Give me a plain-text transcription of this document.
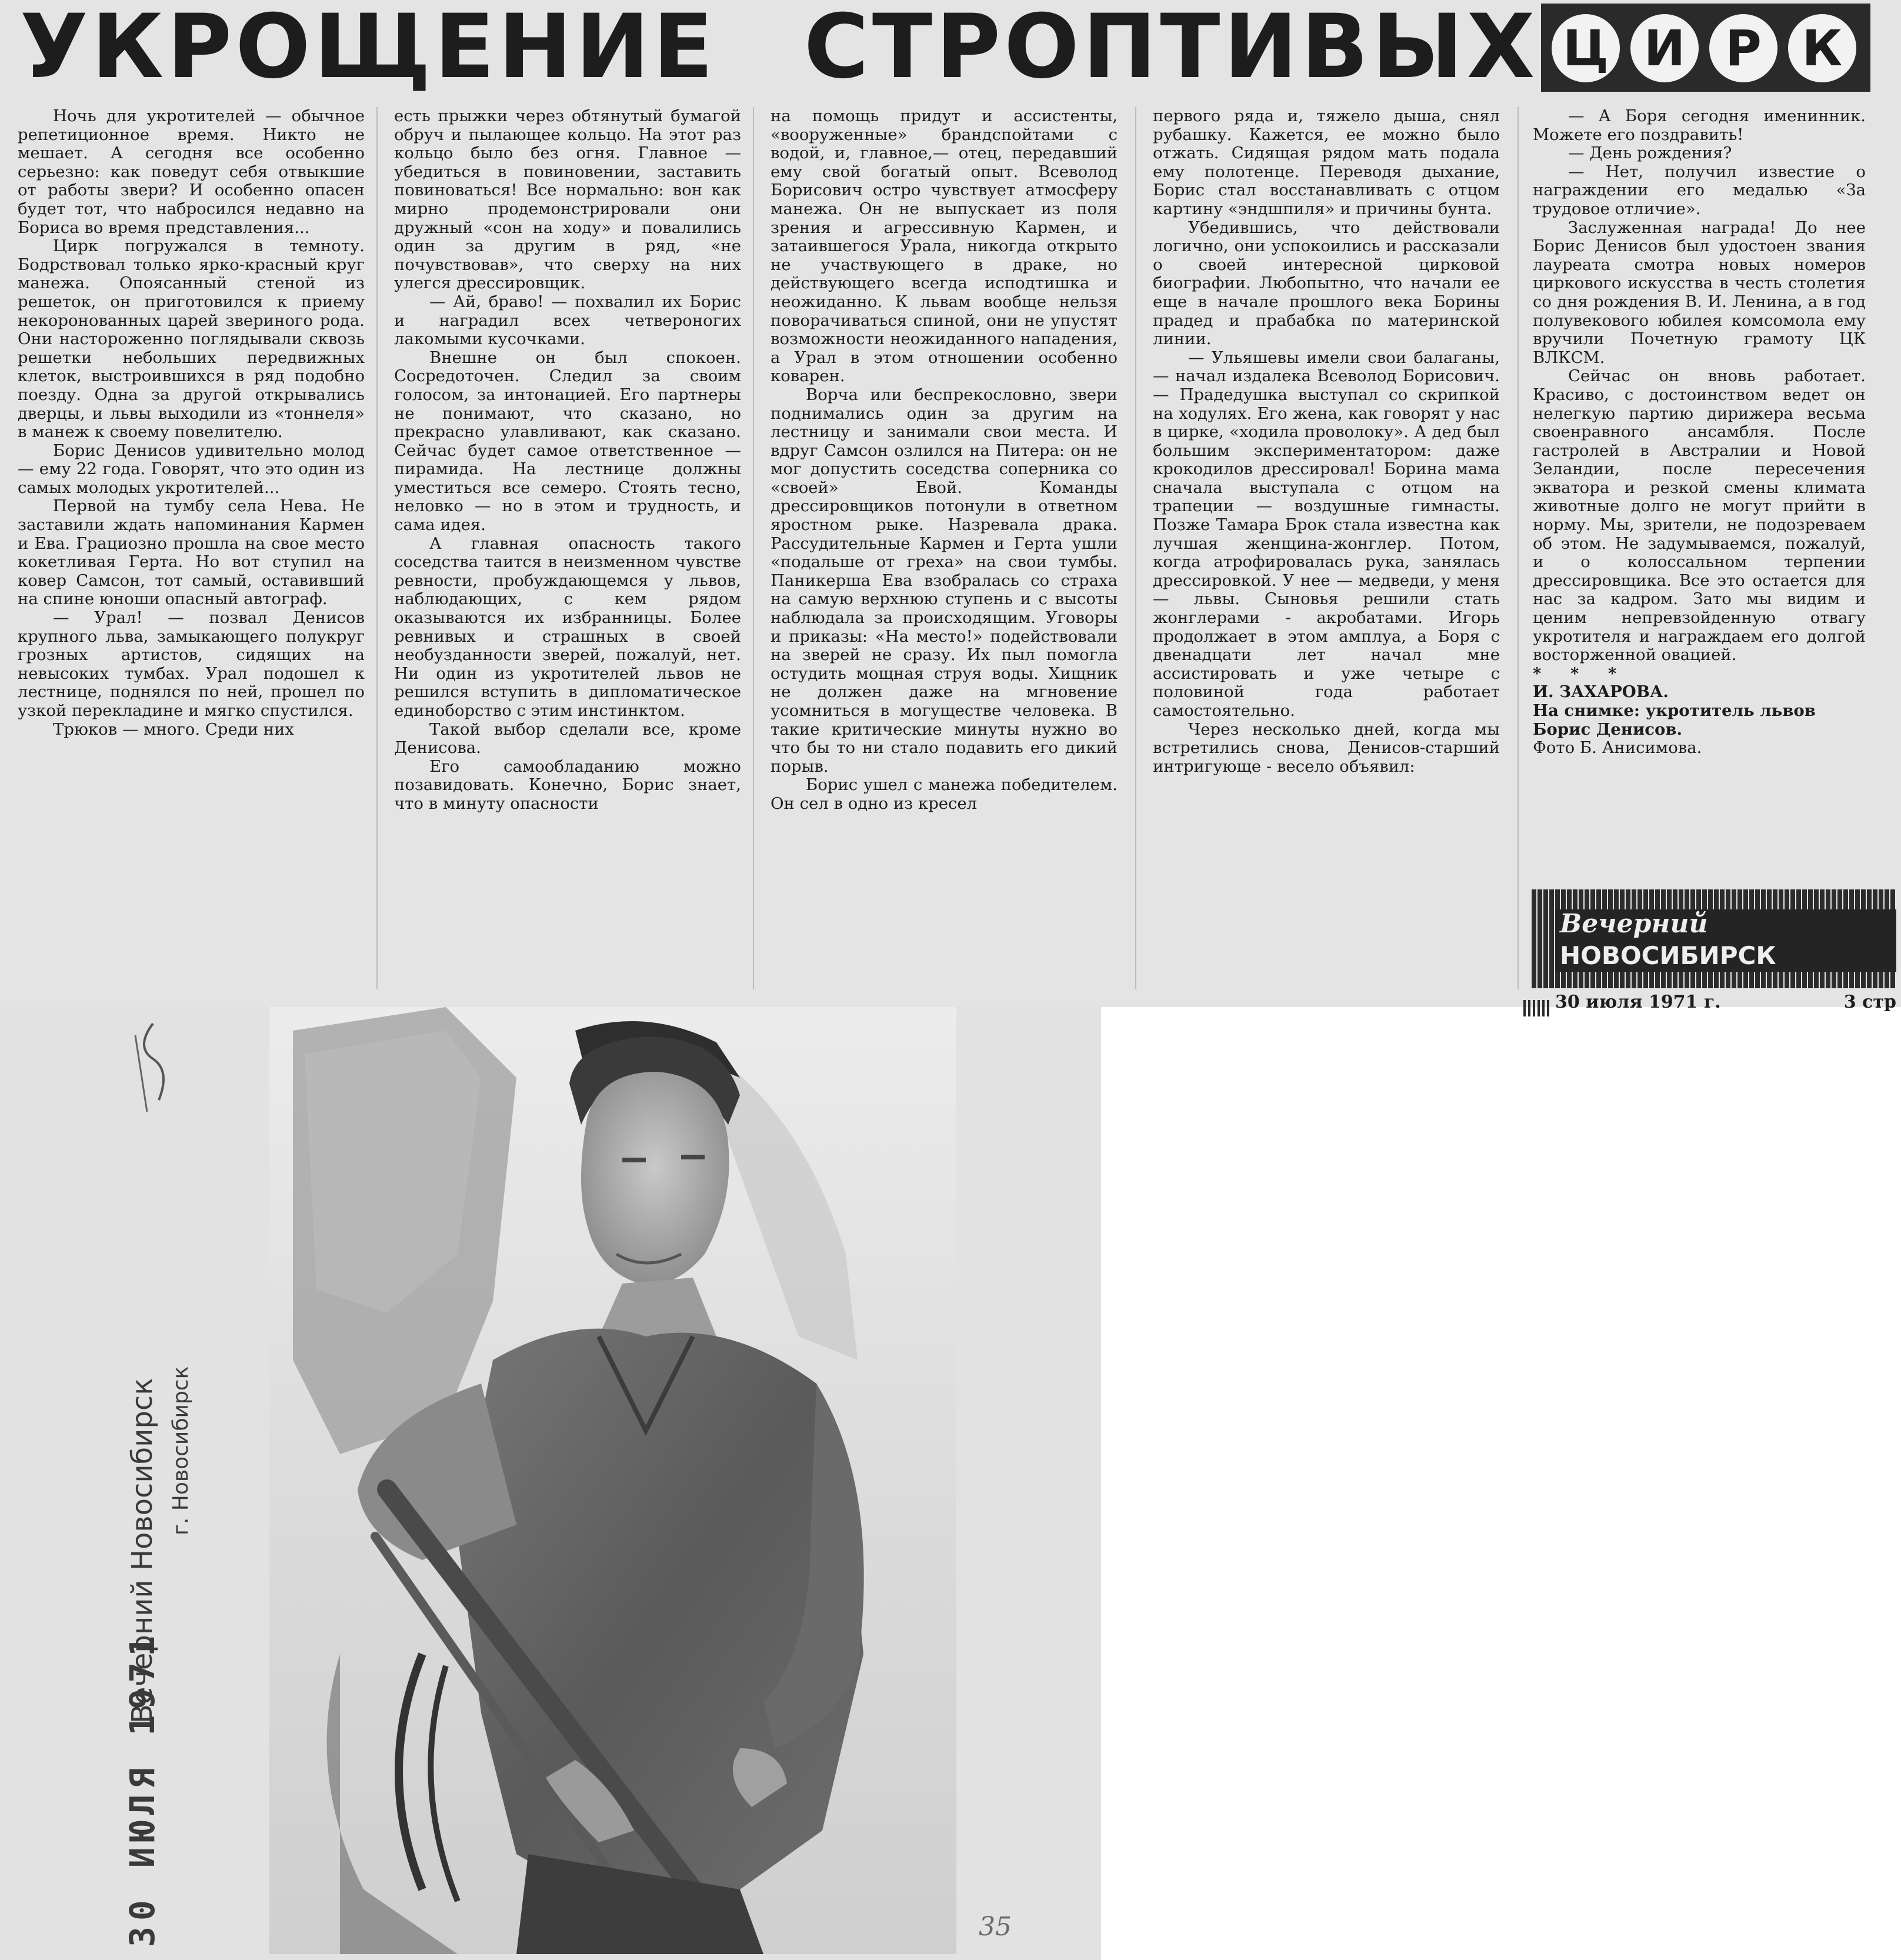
УКРОЩЕНИЕ СТРОПТИВЫХ Ц И Р К

Ночь для укротителей — обычное репетиционное время. Никто не мешает. А сегодня все особенно серьезно: как поведут себя отвыкшие от работы звери? И особенно опасен будет тот, что набросился недавно на Бориса во время представления...

Цирк погружался в темноту. Бодрствовал только ярко-красный круг манежа. Опоясанный стеной из решеток, он приготовился к приему некоронованных царей звериного рода. Они настороженно поглядывали сквозь решетки небольших передвижных клеток, выстроившихся в ряд подобно поезду. Одна за другой открывались дверцы, и львы выходили из «тоннеля» в манеж к своему повелителю.

Борис Денисов удивительно молод — ему 22 года. Говорят, что это один из самых молодых укротителей...

Первой на тумбу села Нева. Не заставили ждать напоминания Кармен и Ева. Грациозно прошла на свое место кокетливая Герта. Но вот ступил на ковер Самсон, тот самый, оставивший на спине юноши опасный автограф.

— Урал! — позвал Денисов крупного льва, замыкающего полукруг грозных артистов, сидящих на невысоких тумбах. Урал подошел к лестнице, поднялся по ней, прошел по узкой перекладине и мягко спустился.

Трюков — много. Среди них

есть прыжки через обтянутый бумагой обруч и пылающее кольцо. На этот раз кольцо было без огня. Главное — убедиться в повиновении, заставить повиноваться! Все нормально: вон как мирно продемонстрировали они дружный «сон на ходу» и повалились один за другим в ряд, «не почувствовав», что сверху на них улегся дрессировщик.

— Ай, браво! — похвалил их Борис и наградил всех четвероногих лакомыми кусочками.

Внешне он был спокоен. Сосредоточен. Следил за своим голосом, за интонацией. Его партнеры не понимают, что сказано, но прекрасно улавливают, как сказано. Сейчас будет самое ответственное — пирамида. На лестнице должны уместиться все семеро. Стоять тесно, неловко — но в этом и трудность, и сама идея.

А главная опасность такого соседства таится в неизменном чувстве ревности, пробуждающемся у львов, наблюдающих, с кем рядом оказываются их избранницы. Более ревнивых и страшных в своей необузданности зверей, пожалуй, нет. Ни один из укротителей львов не решился вступить в дипломатическое единоборство с этим инстинктом.

Такой выбор сделали все, кроме Денисова.

Его самообладанию можно позавидовать. Конечно, Борис знает, что в минуту опасности

на помощь придут и ассистенты, «вооруженные» брандспойтами с водой, и, главное,— отец, передавший ему свой богатый опыт. Всеволод Борисович остро чувствует атмосферу манежа. Он не выпускает из поля зрения и агрессивную Кармен, и затаившегося Урала, никогда открыто не участвующего в драке, но действующего всегда исподтишка и неожиданно. К львам вообще нельзя поворачиваться спиной, они не упустят возможности неожиданного нападения, а Урал в этом отношении особенно коварен.

Ворча или беспрекословно, звери поднимались один за другим на лестницу и занимали свои места. И вдруг Самсон озлился на Питера: он не мог допустить соседства соперника со «своей» Евой. Команды дрессировщиков потонули в ответном яростном рыке. Назревала драка. Рассудительные Кармен и Герта ушли «подальше от греха» на свои тумбы. Паникерша Ева взобралась со страха на самую верхнюю ступень и с высоты наблюдала за происходящим. Уговоры и приказы: «На место!» подействовали на зверей не сразу. Их пыл помогла остудить мощная струя воды. Хищник не должен даже на мгновение усомниться в могуществе человека. В такие критические минуты нужно во что бы то ни стало подавить его дикий порыв.

Борис ушел с манежа победителем. Он сел в одно из кресел

первого ряда и, тяжело дыша, снял рубашку. Кажется, ее можно было отжать. Сидящая рядом мать подала ему полотенце. Переводя дыхание, Борис стал восстанавливать с отцом картину «эндшпиля» и причины бунта.

Убедившись, что действовали логично, они успокоились и рассказали о своей интересной цирковой биографии. Любопытно, что начали ее еще в начале прошлого века Борины прадед и прабабка по материнской линии.

— Ульяшевы имели свои балаганы, — начал издалека Всеволод Борисович. — Прадедушка выступал со скрипкой на ходулях. Его жена, как говорят у нас в цирке, «ходила проволоку». А дед был большим экспериментатором: даже крокодилов дрессировал! Борина мама сначала выступала с отцом на трапеции — воздушные гимнасты. Позже Тамара Брок стала известна как лучшая женщина-жонглер. Потом, когда атрофировалась рука, занялась дрессировкой. У нее — медведи, у меня — львы. Сыновья решили стать жонглерами - акробатами. Игорь продолжает в этом амплуа, а Боря с двенадцати лет начал мне ассистировать и уже четыре с половиной года работает самостоятельно.

Через несколько дней, когда мы встретились снова, Денисов-старший интригующе - весело объявил:

— А Боря сегодня именинник. Можете его поздравить!

— День рождения?

— Нет, получил известие о награждении его медалью «За трудовое отличие».

Заслуженная награда! До нее Борис Денисов был удостоен звания лауреата смотра новых номеров циркового искусства в честь столетия со дня рождения В. И. Ленина, а в год полувекового юбилея комсомола ему вручили Почетную грамоту ЦК ВЛКСМ.

Сейчас он вновь работает. Красиво, с достоинством ведет он нелегкую партию дирижера весьма своенравного ансамбля. После гастролей в Австралии и Новой Зеландии, после пересечения экватора и резкой смены климата животные долго не могут прийти в норму. Мы, зрители, не подозреваем об этом. Не задумываемся, пожалуй, и о колоссальном терпении дрессировщика. Все это остается для нас за кадром. Зато мы видим и ценим непревзойденную отвагу укротителя и награждаем его долгой восторженной овацией.

* * *

И. ЗАХАРОВА.

На снимке: укротитель львов Борис Денисов.

Фото Б. Анисимова.

Вечерний
НОВОСИБИРСК
30 июля 1971 г.	3 стр
30 ИЮЛЯ 1971
Вечерний Новосибирск г. Новосибирск
35
